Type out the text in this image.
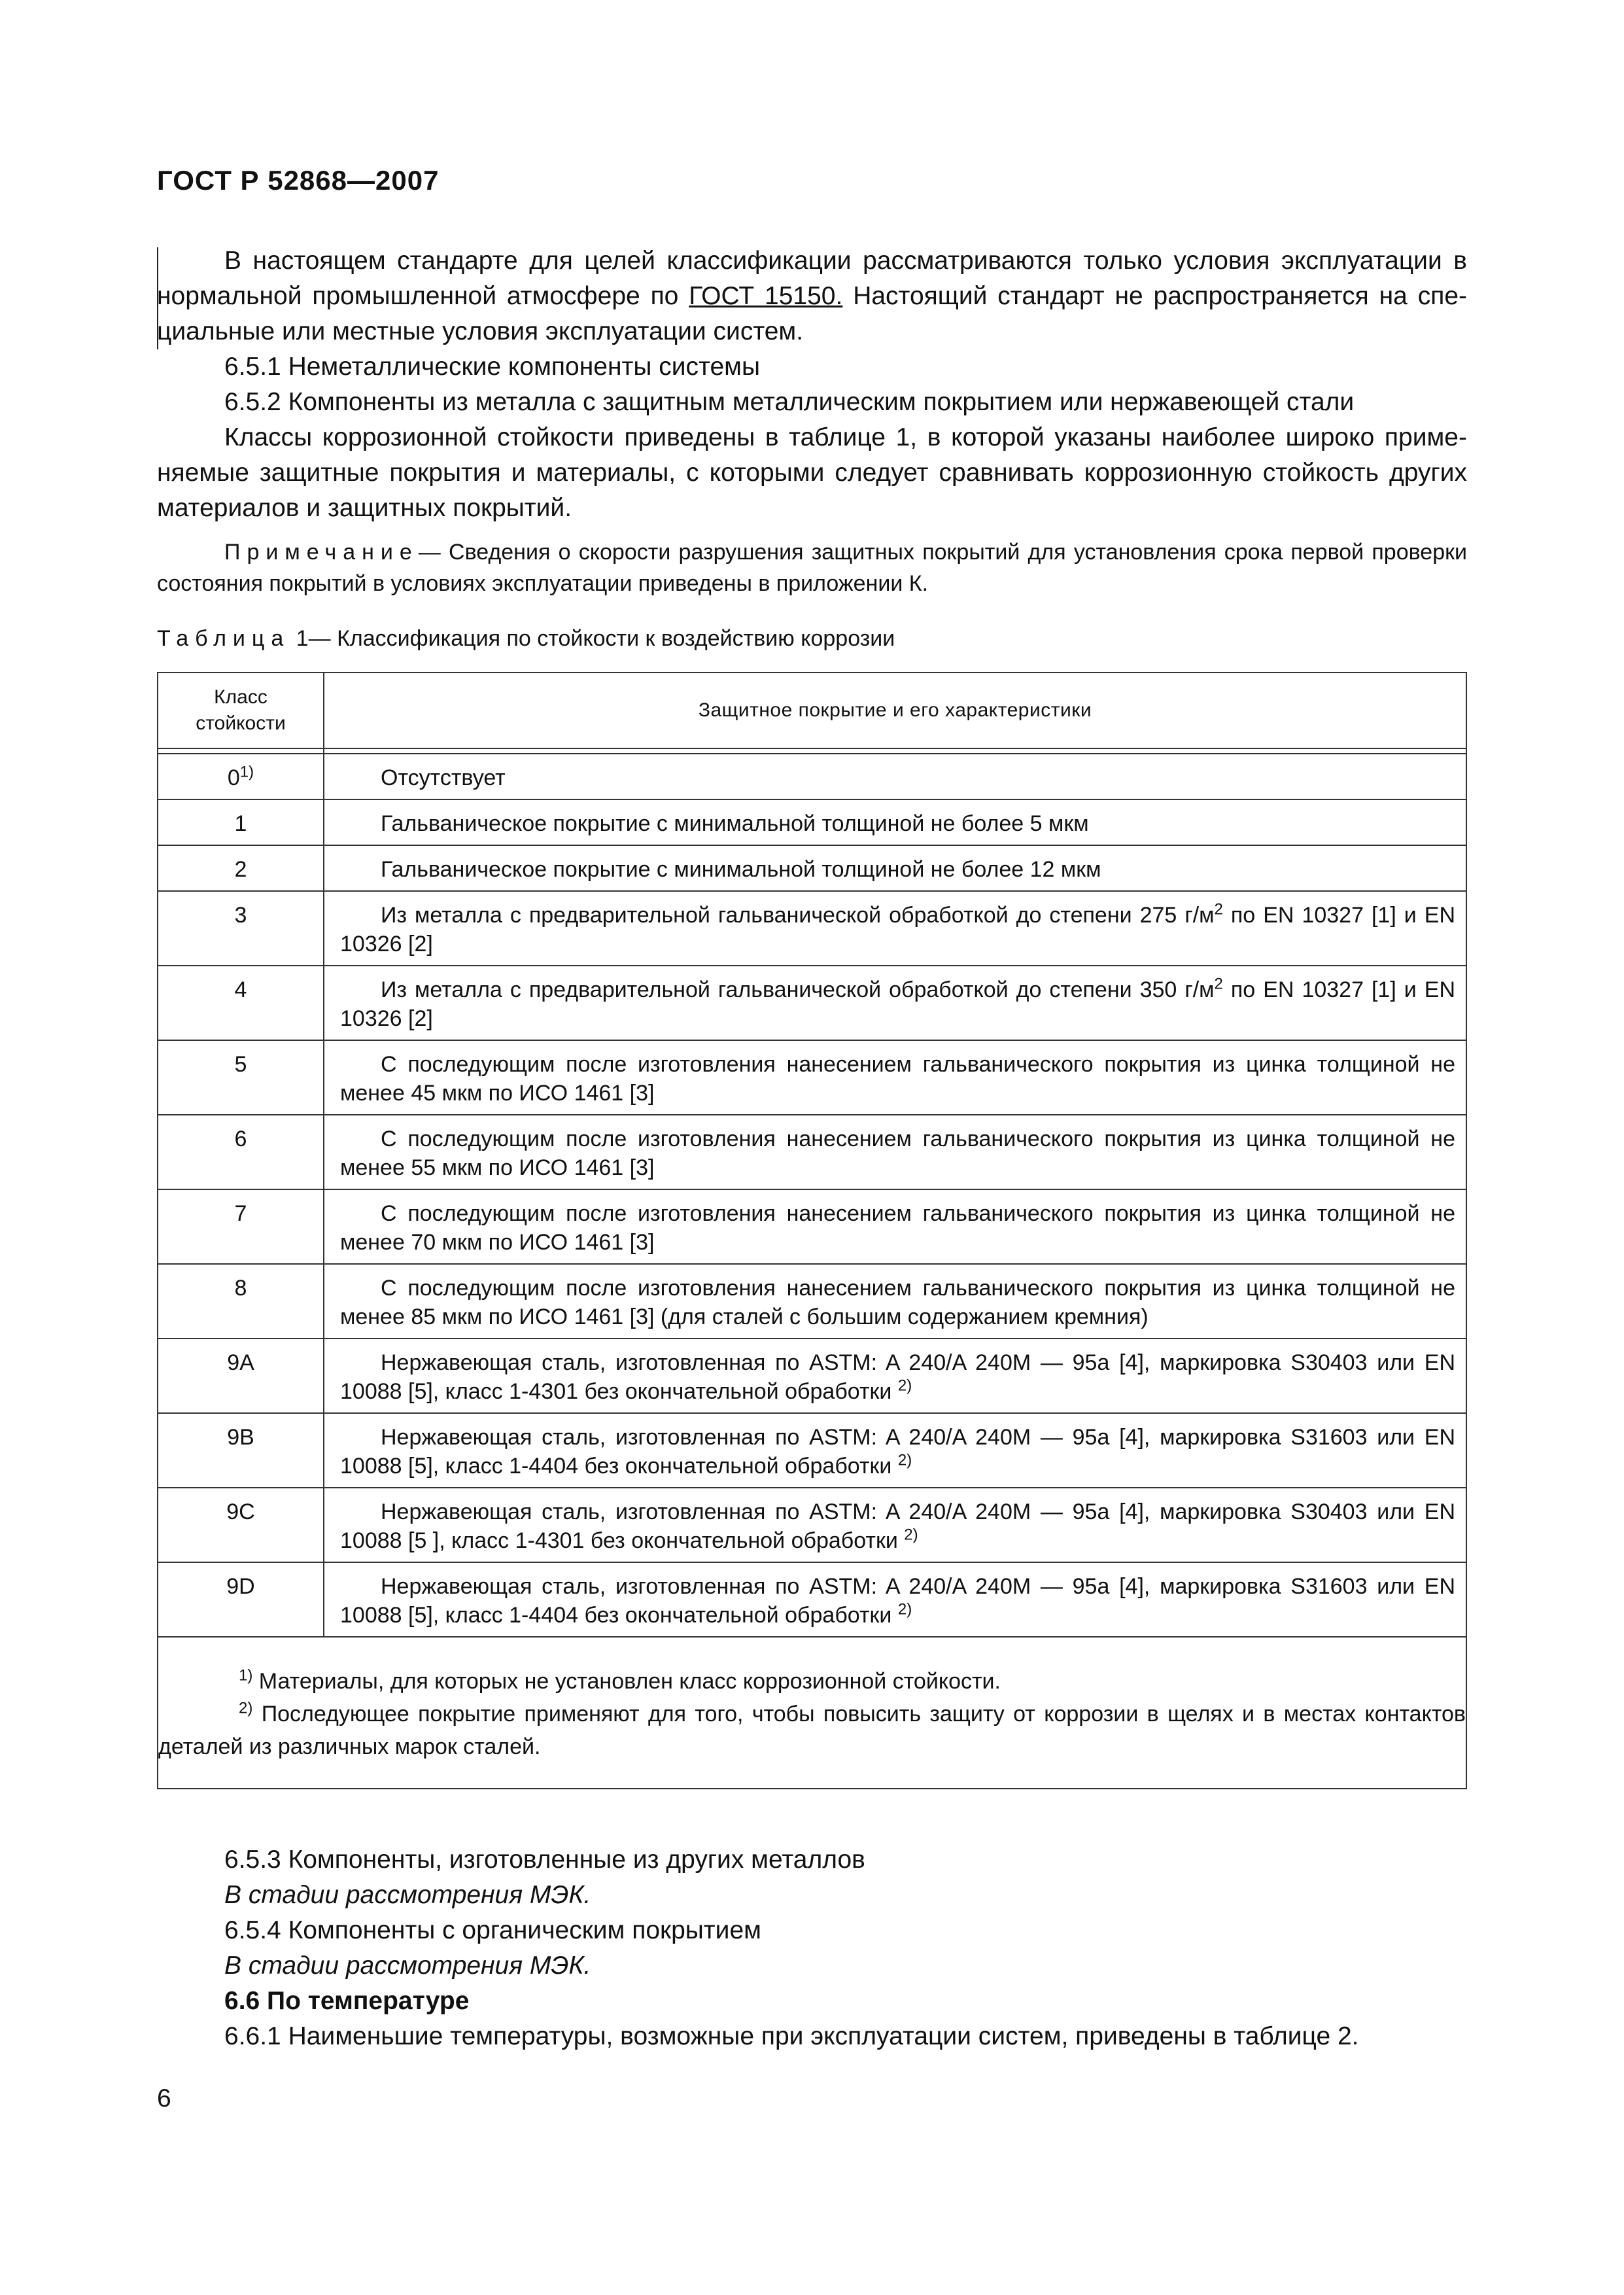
ГОСТ Р 52868—2007

В настоящем стандарте для целей классификации рассматриваются только условия эксплуатации в нормальной промышленной атмосфере по ГОСТ 15150. Настоящий стандарт не распространяется на специальные или местные условия эксплуатации систем.

6.5.1 Неметаллические компоненты системы

6.5.2 Компоненты из металла с защитным металлическим покрытием или нержавеющей стали

Классы коррозионной стойкости приведены в таблице 1, в которой указаны наиболее широко применяемые защитные покрытия и материалы, с которыми следует сравнивать коррозионную стойкость других материалов и защитных покрытий.

Примечание— Сведения о скорости разрушения защитных покрытий для установления срока первой проверки состояния покрытий в условиях эксплуатации приведены в приложении К.
Таблица 1— Классификация по стойкости к воздействию коррозии
Класс
стойкости	Защитное покрытие и его характеристики

0$^{1)}$	Отсутствует
1	Гальваническое покрытие с минимальной толщиной не более 5 мкм
2	Гальваническое покрытие с минимальной толщиной не более 12 мкм
3	Из металла с предварительной гальванической обработкой до степени 275 $г/м^2$ по EN 10327 [1] и EN 10326 [2]
4	Из металла с предварительной гальванической обработкой до степени 350 $г/м^2$ по EN 10327 [1] и EN 10326 [2]
5	С последующим после изготовления нанесением гальванического покрытия из цинка толщиной не менее 45 мкм по ИСО 1461 [3]
6	С последующим после изготовления нанесением гальванического покрытия из цинка толщиной не менее 55 мкм по ИСО 1461 [3]
7	С последующим после изготовления нанесением гальванического покрытия из цинка толщиной не менее 70 мкм по ИСО 1461 [3]
8	С последующим после изготовления нанесением гальванического покрытия из цинка толщиной не менее 85 мкм по ИСО 1461 [3] (для сталей с большим содержанием кремния)
9A	Нержавеющая сталь, изготовленная по ASTM: A 240/A 240M — 95a [4], маркировка S30403 или EN 10088 [5], класс 1-4301 без окончательной обработки $^{2)}$
9B	Нержавеющая сталь, изготовленная по ASTM: A 240/A 240M — 95a [4], маркировка S31603 или EN 10088 [5], класс 1-4404 без окончательной обработки $^{2)}$
9C	Нержавеющая сталь, изготовленная по ASTM: A 240/A 240M — 95a [4], маркировка S30403 или EN 10088 [5 ], класс 1-4301 без окончательной обработки $^{2)}$
9D	Нержавеющая сталь, изготовленная по ASTM: A 240/A 240M — 95a [4], маркировка S31603 или EN 10088 [5], класс 1-4404 без окончательной обработки $^{2)}$

$^{1)}$ Материалы, для которых не установлен класс коррозионной стойкости.

$^{2)}$ Последующее покрытие применяют для того, чтобы повысить защиту от коррозии в щелях и в местах контактов деталей из различных марок сталей.	

6.5.3 Компоненты, изготовленные из других металлов

В стадии рассмотрения МЭК.

6.5.4 Компоненты с органическим покрытием

В стадии рассмотрения МЭК.

6.6 По температуре

6.6.1 Наименьшие температуры, возможные при эксплуатации систем, приведены в таблице 2.

6
